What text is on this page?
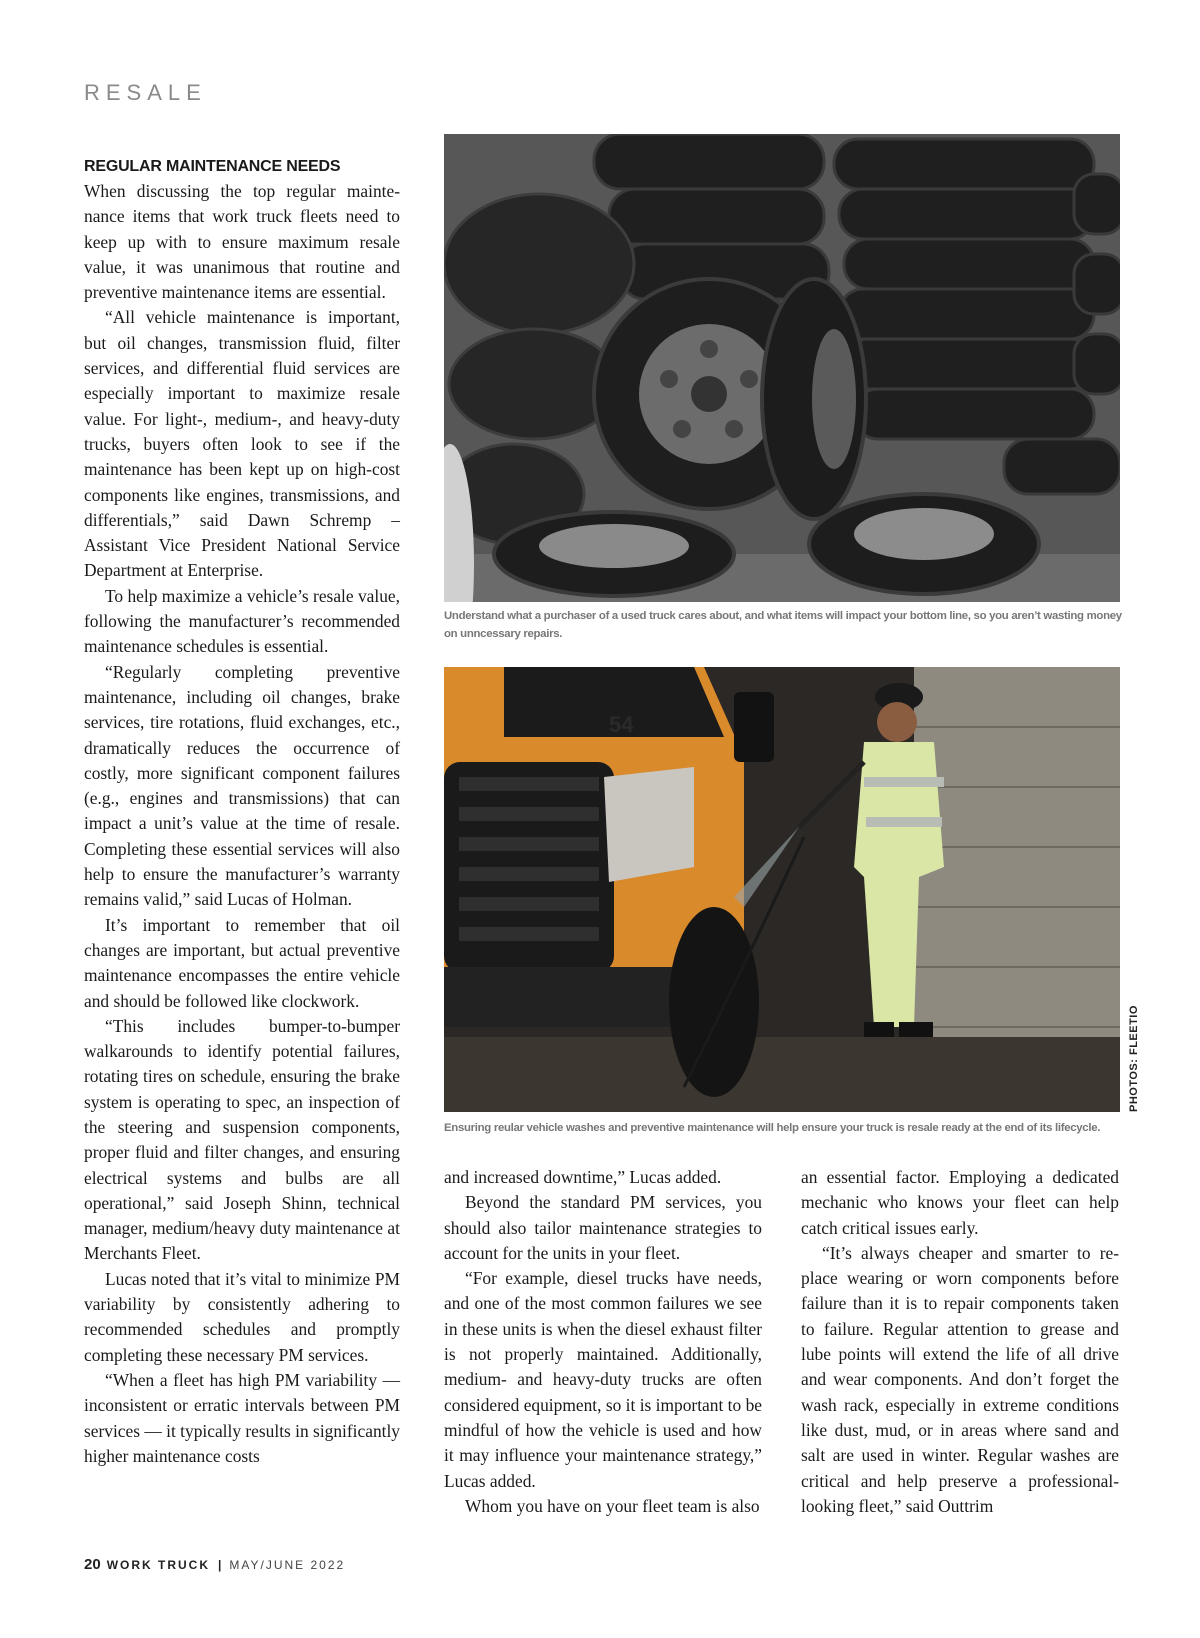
RESALE
REGULAR MAINTENANCE NEEDS

When discussing the top regular maintenance items that work truck fleets need to keep up with to ensure maximum resale value, it was unanimous that routine and preventive maintenance items are essential.

“All vehicle maintenance is important, but oil changes, transmission fluid, filter services, and differential fluid services are especially important to maximize resale value. For light-, medium-, and heavy-duty trucks, buyers often look to see if the maintenance has been kept up on high-cost components like engines, transmissions, and differentials,” said Dawn Schremp – Assistant Vice President National Service Department at Enterprise.

To help maximize a vehicle’s resale value, following the manufacturer’s recommended maintenance schedules is essential.

“Regularly completing preventive maintenance, including oil changes, brake services, tire rotations, fluid exchanges, etc., dramatically reduces the occurrence of costly, more significant component failures (e.g., engines and transmissions) that can impact a unit’s value at the time of resale. Completing these essential services will also help to ensure the manufacturer’s warranty remains valid,” said Lucas of Holman.

It’s important to remember that oil changes are important, but actual preventive maintenance encompasses the entire vehicle and should be followed like clockwork.

“This includes bumper-to-bumper walkarounds to identify potential failures, rotating tires on schedule, ensuring the brake system is operating to spec, an inspection of the steering and suspension components, proper fluid and filter changes, and ensuring electrical systems and bulbs are all operational,” said Joseph Shinn, technical manager, medium/heavy duty maintenance at Merchants Fleet.

Lucas noted that it’s vital to minimize PM variability by consistently adhering to recommended schedules and promptly completing these necessary PM services.

“When a fleet has high PM variability — inconsistent or erratic intervals between PM services — it typically results in significantly higher maintenance costs

Understand what a purchaser of a used truck cares about, and what items will impact your bottom line, so you aren’t wasting money on unncessary repairs.
54
Ensuring reular vehicle washes and preventive maintenance will help ensure your truck is resale ready at the end of its lifecycle.
PHOTOS: FLEETIO

and increased downtime,” Lucas added.

Beyond the standard PM services, you should also tailor maintenance strategies to account for the units in your fleet.

“For example, diesel trucks have needs, and one of the most common failures we see in these units is when the diesel exhaust filter is not properly maintained. Additionally, medium- and heavy-duty trucks are often considered equipment, so it is important to be mindful of how the vehicle is used and how it may influence your maintenance strategy,” Lucas added.

Whom you have on your fleet team is also

an essential factor. Employing a dedicated mechanic who knows your fleet can help catch critical issues early.

“It’s always cheaper and smarter to replace wearing or worn components before failure than it is to repair components taken to failure. Regular attention to grease and lube points will extend the life of all drive and wear components. And don’t forget the wash rack, especially in extreme conditions like dust, mud, or in areas where sand and salt are used in winter. Regular washes are critical and help preserve a professional-looking fleet,” said Outtrim

20 WORK TRUCK | MAY/JUNE 2022
